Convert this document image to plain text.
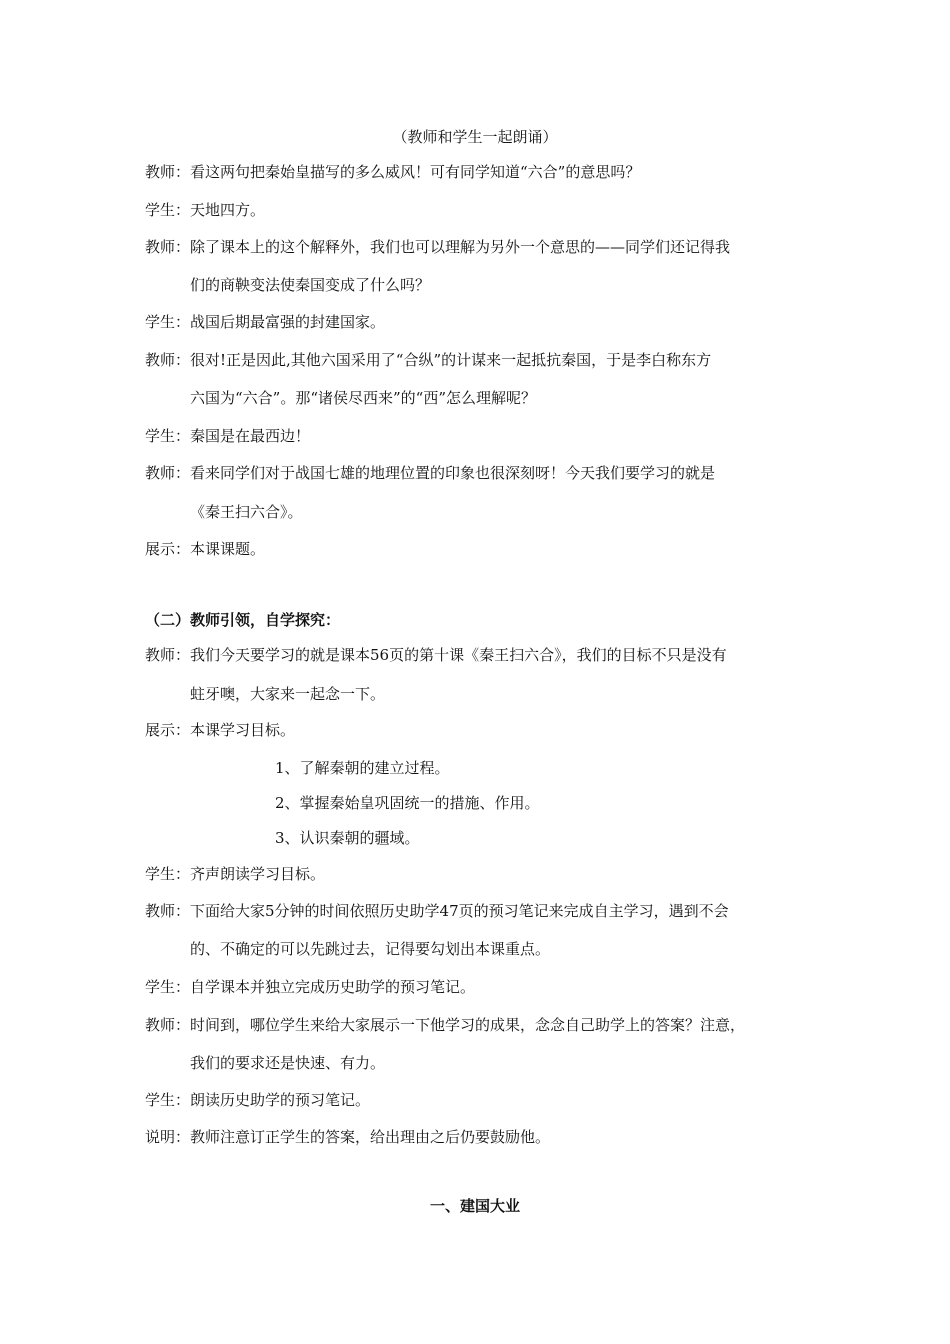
（教师和学生一起朗诵）
教师：看这两句把秦始皇描写的多么威风！可有同学知道“六合”的意思吗？
学生：天地四方。
教师：除了课本上的这个解释外，我们也可以理解为另外一个意思的——同学们还记得我
们的商鞅变法使秦国变成了什么吗？
学生：战国后期最富强的封建国家。
教师：很对!正是因此,其他六国采用了“合纵”的计谋来一起抵抗秦国，于是李白称东方
六国为“六合”。那“诸侯尽西来”的“西”怎么理解呢？
学生：秦国是在最西边！
教师：看来同学们对于战国七雄的地理位置的印象也很深刻呀！今天我们要学习的就是
《秦王扫六合》。
展示：本课课题。
（二）教师引领，自学探究：
教师：我们今天要学习的就是课本56页的第十课《秦王扫六合》，我们的目标不只是没有
蛀牙噢，大家来一起念一下。
展示：本课学习目标。
1、了解秦朝的建立过程。
2、掌握秦始皇巩固统一的措施、作用。
3、认识秦朝的疆域。
学生：齐声朗读学习目标。
教师：下面给大家5分钟的时间依照历史助学47页的预习笔记来完成自主学习，遇到不会
的、不确定的可以先跳过去，记得要勾划出本课重点。
学生：自学课本并独立完成历史助学的预习笔记。
教师：时间到，哪位学生来给大家展示一下他学习的成果，念念自己助学上的答案？注意，
我们的要求还是快速、有力。
学生：朗读历史助学的预习笔记。
说明：教师注意订正学生的答案，给出理由之后仍要鼓励他。
一、建国大业
